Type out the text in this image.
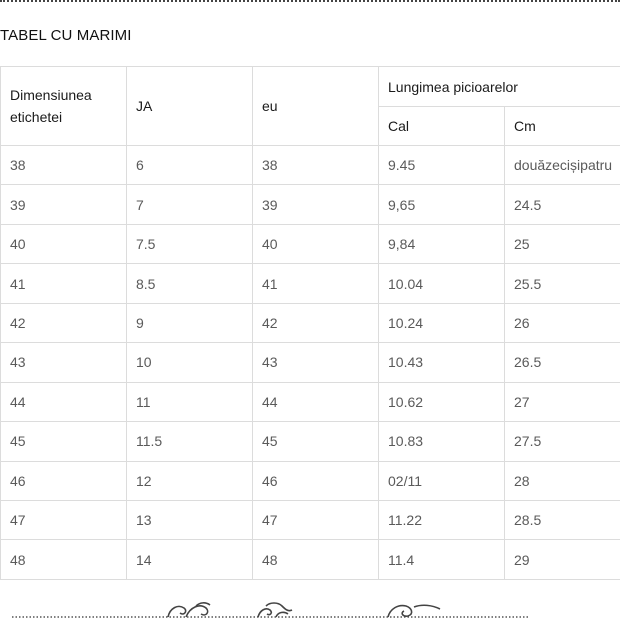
TABEL CU MARIMI
Dimensiunea etichetei	JA	eu	Lungimea picioarelor	
			Cal	Cm
38	6	38	9.45	douăzecișipatru
39	7	39	9,65	24.5
40	7.5	40	9,84	25
41	8.5	41	10.04	25.5
42	9	42	10.24	26
43	10	43	10.43	26.5
44	11	44	10.62	27
45	11.5	45	10.83	27.5
46	12	46	02/11	28
47	13	47	11.22	28.5
48	14	48	11.4	29
